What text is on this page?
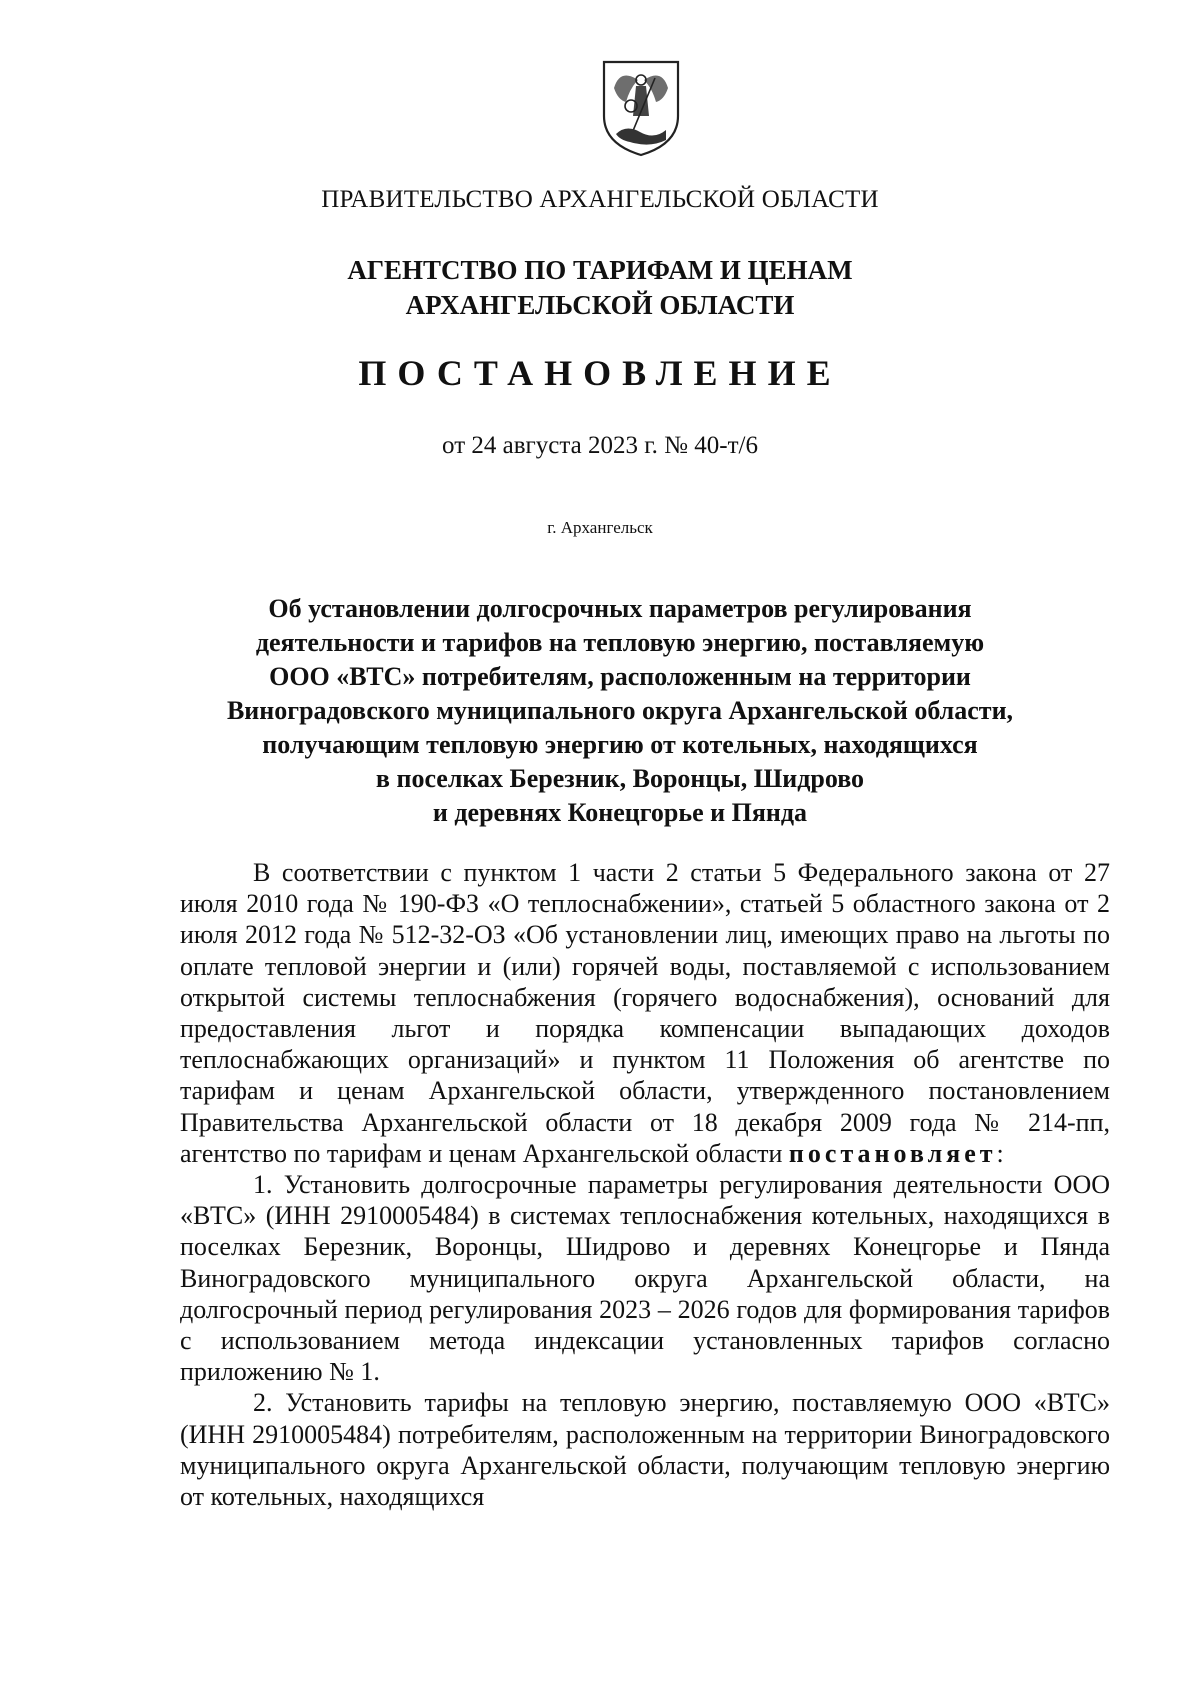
ПРАВИТЕЛЬСТВО АРХАНГЕЛЬСКОЙ ОБЛАСТИ
АГЕНТСТВО ПО ТАРИФАМ И ЦЕНАМ
АРХАНГЕЛЬСКОЙ ОБЛАСТИ
ПОСТАНОВЛЕНИЕ
от 24 августа 2023 г. № 40-т/6
г. Архангельск
Об установлении долгосрочных параметров регулирования
деятельности и тарифов на тепловую энергию, поставляемую
ООО «ВТС» потребителям, расположенным на территории
Виноградовского муниципального округа Архангельской области,
получающим тепловую энергию от котельных, находящихся
в поселках Березник, Воронцы, Шидрово
и деревнях Конецгорье и Пянда

В соответствии с пунктом 1 части 2 статьи 5 Федерального закона от 27 июля 2010 года № 190-ФЗ «О теплоснабжении», статьей 5 областного закона от 2 июля 2012 года № 512-32-ОЗ «Об установлении лиц, имеющих право на льготы по оплате тепловой энергии и (или) горячей воды, поставляемой с использованием открытой системы теплоснабжения (горячего водоснабжения), оснований для предоставления льгот и порядка компенсации выпадающих доходов теплоснабжающих организаций» и пунктом 11 Положения об агентстве по тарифам и ценам Архангельской области, утвержденного постановлением Правительства Архангельской области от 18 декабря 2009 года № 214-пп, агентство по тарифам и ценам Архангельской области постановляет:

1. Установить долгосрочные параметры регулирования деятельности ООО «ВТС» (ИНН 2910005484) в системах теплоснабжения котельных, находящихся в поселках Березник, Воронцы, Шидрово и деревнях Конецгорье и Пянда Виноградовского муниципального округа Архангельской области, на долгосрочный период регулирования 2023 – 2026 годов для формирования тарифов с использованием метода индексации установленных тарифов согласно приложению № 1.

2. Установить тарифы на тепловую энергию, поставляемую ООО «ВТС» (ИНН 2910005484) потребителям, расположенным на территории Виноградовского муниципального округа Архангельской области, получающим тепловую энергию от котельных, находящихся
